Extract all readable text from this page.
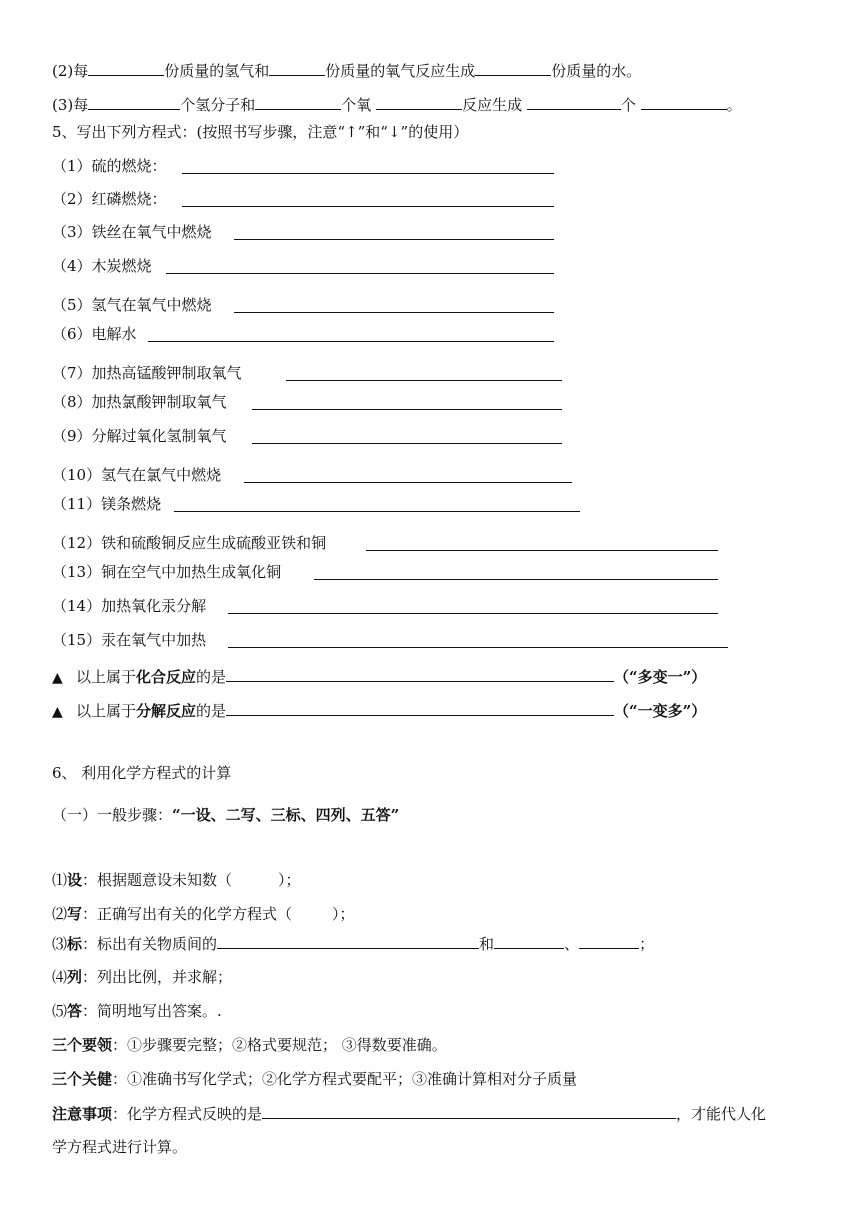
(2)每	份质量的氢气和	份质量的氧气反应生成	份质量的水。
(3)每	个氢分子和	个氧	反应生成	个	。
5、写出下列方程式：(按照书写步骤，注意“↑”和“↓”的使用）
（1）硫的燃烧：
（2）红磷燃烧：
（3）铁丝在氧气中燃烧
（4）木炭燃烧
（5）氢气在氧气中燃烧
（6）电解水
（7）加热高锰酸钾制取氧气
（8）加热氯酸钾制取氧气
（9）分解过氧化氢制氧气
（10）氢气在氯气中燃烧
（11）镁条燃烧
（12）铁和硫酸铜反应生成硫酸亚铁和铜
（13）铜在空气中加热生成氧化铜
（14）加热氧化汞分解
（15）汞在氧气中加热
▲ 以上属于化合反应的是	（“多变一”）
▲ 以上属于分解反应的是	（“一变多”）
6、 利用化学方程式的计算
（一）一般步骤：“一设、二写、三标、四列、五答”
⑴设：根据题意设未知数（	）；
⑵写：正确写出有关的化学方程式（	）；
⑶标：标出有关物质间的	和	、	；
⑷列：列出比例，并求解；
⑸答：简明地写出答案。.
三个要领：①步骤要完整；②格式要规范； ③得数要准确。
三个关健：①准确书写化学式；②化学方程式要配平；③准确计算相对分子质量
注意事项：化学方程式反映的是	，才能代人化
学方程式进行计算。
